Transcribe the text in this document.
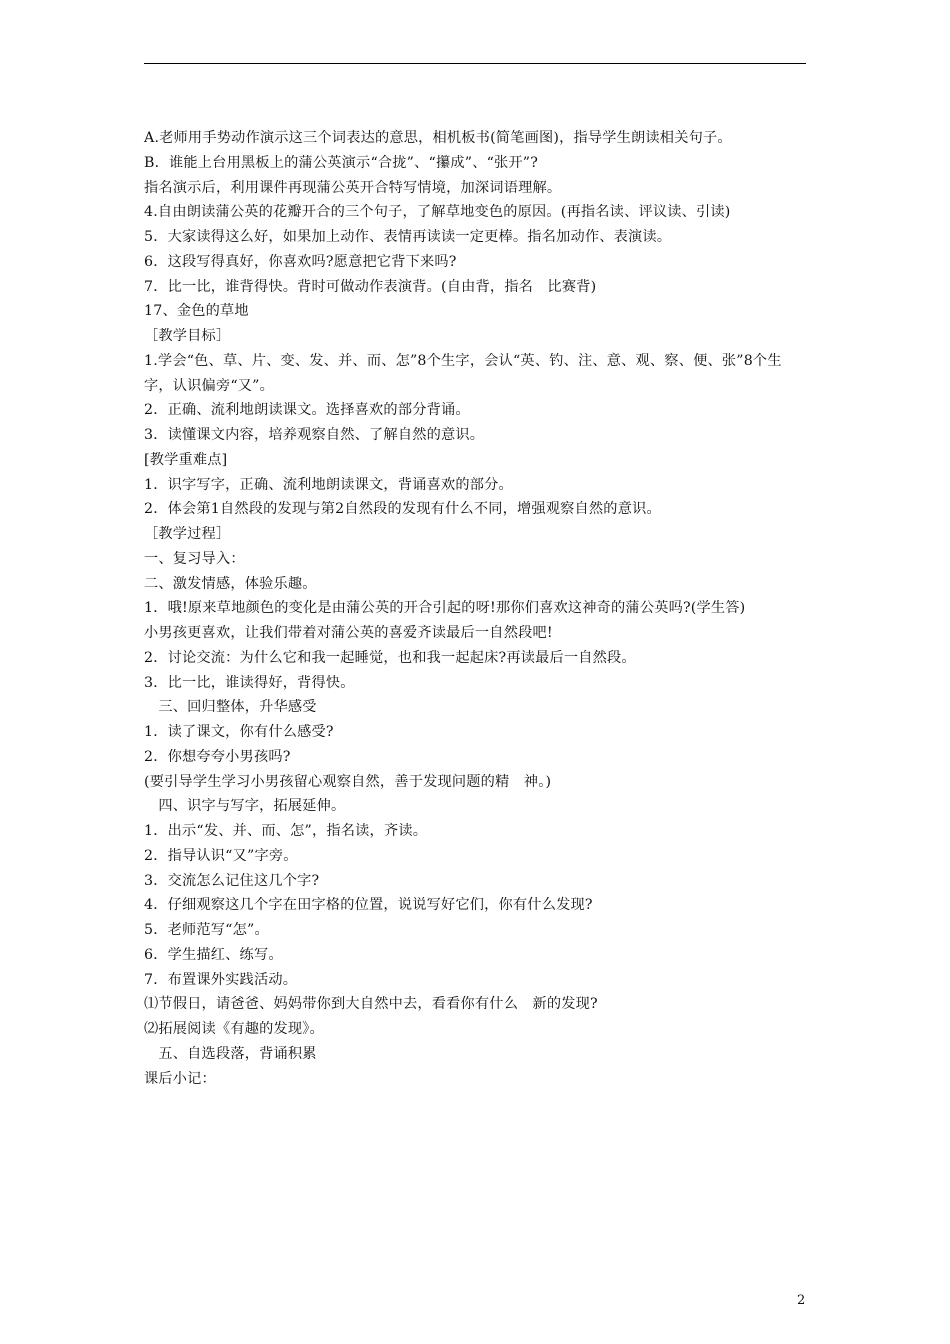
A.老师用手势动作演示这三个词表达的意思，相机板书(简笔画图)，指导学生朗读相关句子。
B．谁能上台用黑板上的蒲公英演示“合拢”、“攥成”、“张开”?
指名演示后，利用课件再现蒲公英开合特写情境，加深词语理解。
4.自由朗读蒲公英的花瓣开合的三个句子，了解草地变色的原因。(再指名读、评议读、引读)
5．大家读得这么好，如果加上动作、表情再读读一定更棒。指名加动作、表演读。
6．这段写得真好，你喜欢吗?愿意把它背下来吗?
7．比一比，谁背得快。背时可做动作表演背。(自由背，指名　比赛背)
17、金色的草地
［教学目标］
1.学会“色、草、片、变、发、并、而、怎”8个生字，会认“英、钓、注、意、观、察、便、张”8个生字，认识偏旁“又”。
2．正确、流利地朗读课文。选择喜欢的部分背诵。
3．读懂课文内容，培养观察自然、了解自然的意识。
[教学重难点]
1．识字写字，正确、流利地朗读课文，背诵喜欢的部分。
2．体会第1自然段的发现与第2自然段的发现有什么不同，增强观察自然的意识。
［教学过程］
一、复习导入：
二、激发情感，体验乐趣。
1．哦!原来草地颜色的变化是由蒲公英的开合引起的呀!那你们喜欢这神奇的蒲公英吗?(学生答)
小男孩更喜欢，让我们带着对蒲公英的喜爱齐读最后一自然段吧!
2．讨论交流：为什么它和我一起睡觉，也和我一起起床?再读最后一自然段。
3．比一比，谁读得好，背得快。
　三、回归整体，升华感受
1．读了课文，你有什么感受?
2．你想夸夸小男孩吗?
(要引导学生学习小男孩留心观察自然，善于发现问题的精　神。)
　四、识字与写字，拓展延伸。
1．出示“发、并、而、怎”，指名读，齐读。
2．指导认识“又”字旁。
3．交流怎么记住这几个字?
4．仔细观察这几个字在田字格的位置，说说写好它们，你有什么发现?
5．老师范写“怎”。
6．学生描红、练写。
7．布置课外实践活动。
⑴节假日，请爸爸、妈妈带你到大自然中去，看看你有什么　新的发现?
⑵拓展阅读《有趣的发现》。
　五、自选段落，背诵积累
课后小记：
2
